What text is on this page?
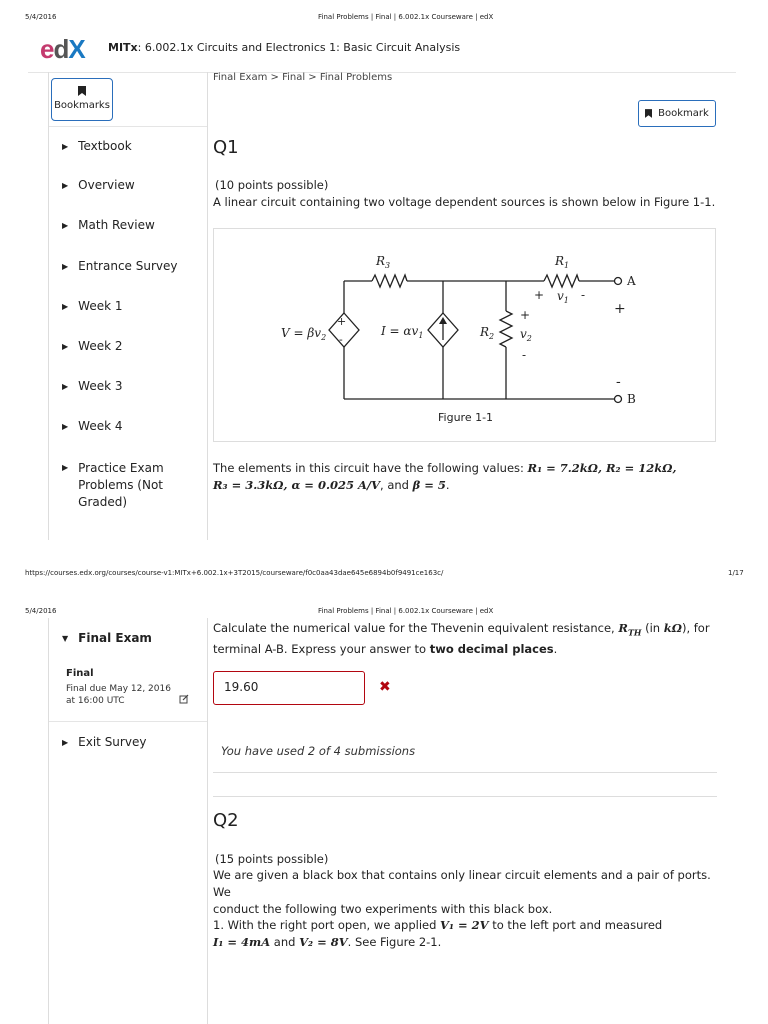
5/4/2016	Final Problems | Final | 6.002.1x Courseware | edX
edX MITx: 6.002.1x Circuits and Electronics 1: Basic Circuit Analysis
Bookmarks
▶ Textbook
▶ Overview
▶ Math Review
▶ Entrance Survey
▶ Week 1
▶ Week 2
▶ Week 3
▶ Week 4
▶ Practice Exam
Problems (Not
Graded)
Final Exam > Final > Final Problems
Bookmark
Q1
(10 points possible)
A linear circuit containing two voltage dependent sources is shown below in Figure 1-1.
+
-
$R_3$	$R_1$
$R_2$
$V = \beta v_2$	$I = \alpha v_1$
+ $v_1$ -
+
$v_2$
-
A
B
+
-
Figure 1-1
The elements in this circuit have the following values: R₁ = 7.2kΩ, R₂ = 12kΩ,
R₃ = 3.3kΩ, α = 0.025 A/V, and β = 5.
https://courses.edx.org/courses/course-v1:MITx+6.002.1x+3T2015/courseware/f0c0aa43dae645e6894b0f9491ce163c/	1/17
5/4/2016	Final Problems | Final | 6.002.1x Courseware | edX
▼ Final Exam
Final
Final due May 12, 2016 at 16:00 UTC
▶ Exit Survey
Calculate the numerical value for the Thevenin equivalent resistance, $R_{TH}$ (in kΩ), for
terminal A-B. Express your answer to two decimal places.
19.60	✖
You have used 2 of 4 submissions
Q2
(15 points possible)
We are given a black box that contains only linear circuit elements and a pair of ports. We
conduct the following two experiments with this black box.
1. With the right port open, we applied V₁ = 2V to the left port and measured
I₁ = 4mA and V₂ = 8V. See Figure 2-1.
